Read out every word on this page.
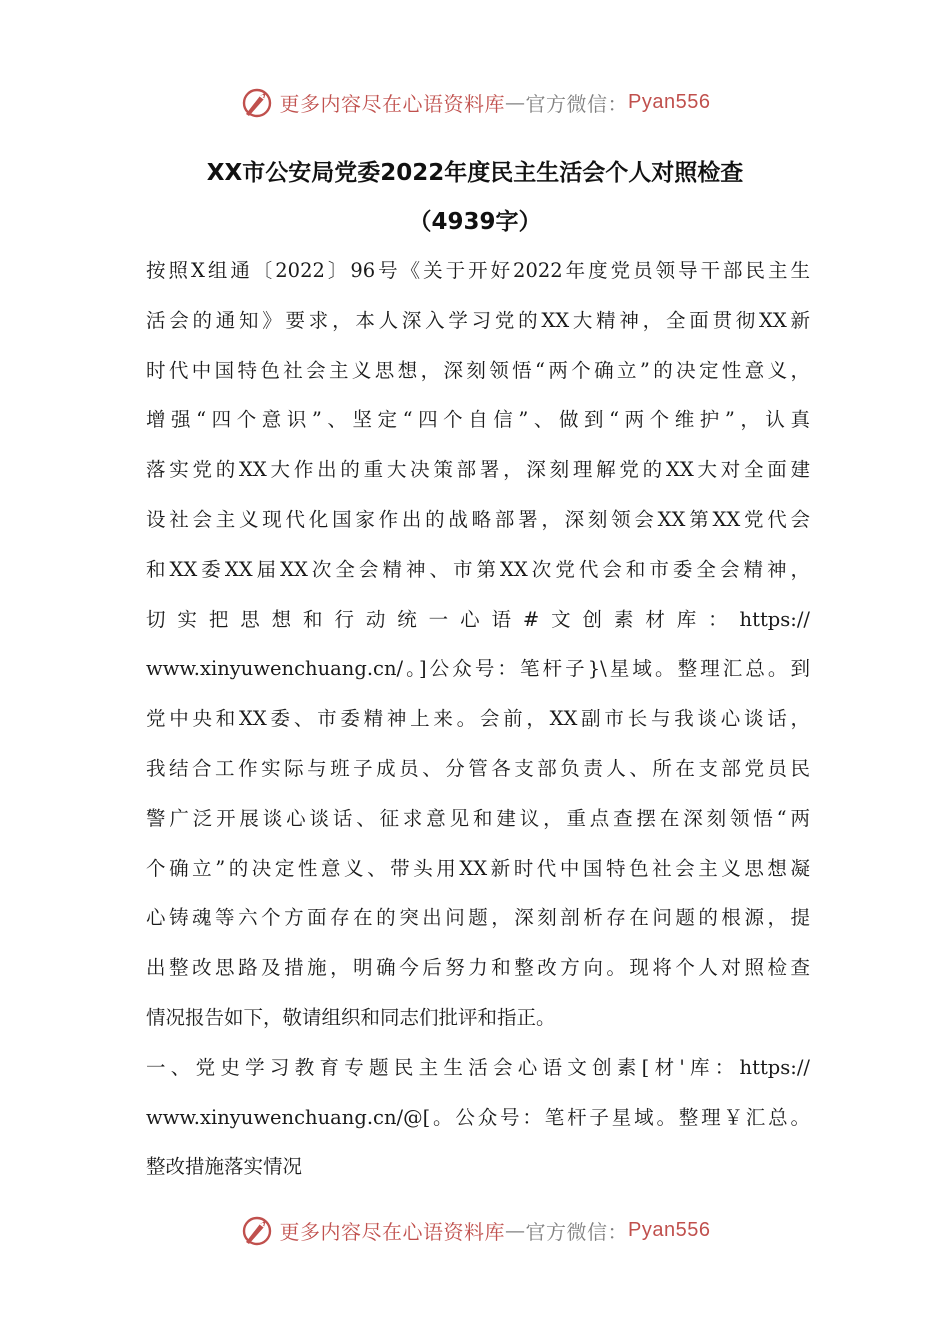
更多内容尽在心语资料库 — 官方微信： Pyan556
XX市公安局党委2022年度民主生活会个人对照检查
（4939字）
按照X组通〔2022〕96号《关于开好2022年度党员领导干部民主生
活会的通知》要求，本人深入学习党的XX大精神，全面贯彻XX新
时代中国特色社会主义思想，深刻领悟“两个确立”的决定性意义，
增强“四个意识”、坚定“四个自信”、做到“两个维护”，认真
落实党的XX大作出的重大决策部署，深刻理解党的XX大对全面建
设社会主义现代化国家作出的战略部署，深刻领会XX第XX党代会
和XX委XX届XX次全会精神、市第XX次党代会和市委全会精神，
切实把思想和行动统一心语#文创素材库：https://
www.xinyuwenchuang.cn/。]公众号：笔杆子}\星域。整理汇总。到
党中央和XX委、市委精神上来。会前，XX副市长与我谈心谈话，
我结合工作实际与班子成员、分管各支部负责人、所在支部党员民
警广泛开展谈心谈话、征求意见和建议，重点查摆在深刻领悟“两
个确立”的决定性意义、带头用XX新时代中国特色社会主义思想凝
心铸魂等六个方面存在的突出问题，深刻剖析存在问题的根源，提
出整改思路及措施，明确今后努力和整改方向。现将个人对照检查
情况报告如下，敬请组织和同志们批评和指正。
一、党史学习教育专题民主生活会心语文创素[材'库：https://
www.xinyuwenchuang.cn/@[。公众号：笔杆子星域。整理￥汇总。
整改措施落实情况
更多内容尽在心语资料库 — 官方微信： Pyan556
